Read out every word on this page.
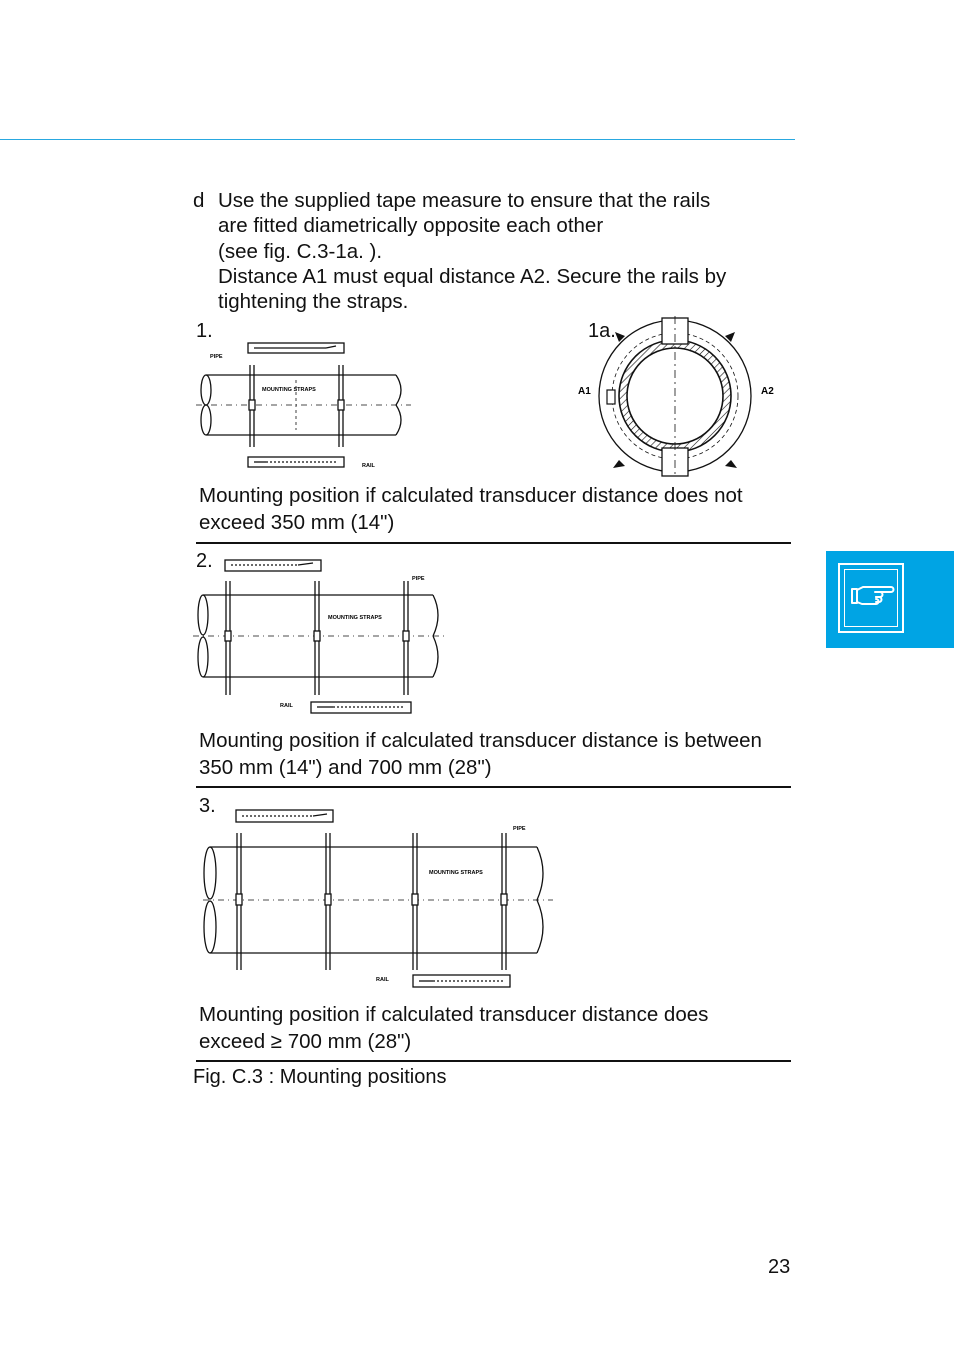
d Use the supplied tape measure to ensure that the rails
are fitted diametrically opposite each other
(see fig. C.3-1a. ).
Distance A1 must equal distance A2. Secure the rails by
tightening the straps.
1.
PIPE
MOUNTING STRAPS
RAIL
1a.
A1	A2
Mounting position if calculated transducer distance does not exceed 350 mm (14")
2.
PIPE
MOUNTING STRAPS
RAIL
Mounting position if calculated transducer distance is between 350 mm (14") and 700 mm (28")
3.
PIPE
MOUNTING STRAPS
RAIL
Mounting position if calculated transducer distance does exceed ≥ 700 mm (28")
Fig. C.3 : Mounting positions
23
